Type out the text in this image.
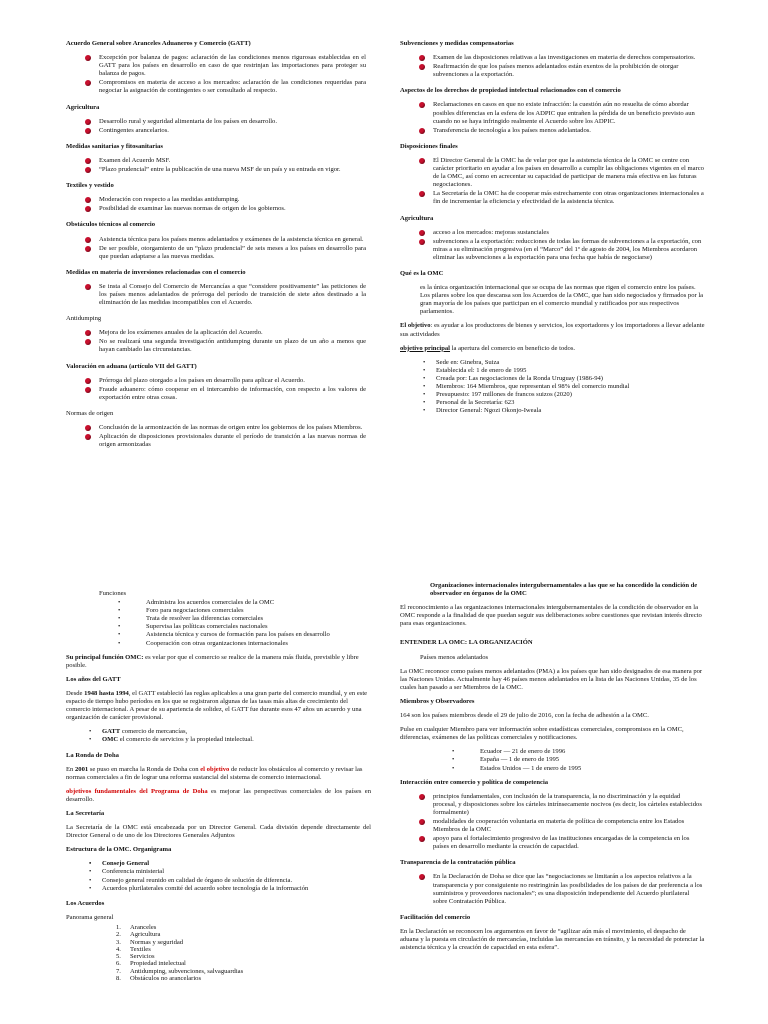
Acuerdo General sobre Aranceles Aduaneros y Comercio (GATT)
Excepción por balanza de pagos: aclaración de las condiciones menos rigurosas establecidas en el GATT para los países en desarrollo en caso de que restrinjan las importaciones para proteger su balanza de pagos.
Compromisos en materia de acceso a los mercados: aclaración de las condiciones requeridas para negociar la asignación de contingentes o ser consultado al respecto.
Agricultura
Desarrollo rural y seguridad alimentaria de los países en desarrollo.
Contingentes arancelarios.
Medidas sanitarias y fitosanitarias
Examen del Acuerdo MSF.
“Plazo prudencial” entre la publicación de una nueva MSF de un país y su entrada en vigor.
Textiles y vestido
Moderación con respecto a las medidas antidumping.
Posibilidad de examinar las nuevas normas de origen de los gobiernos.
Obstáculos técnicos al comercio
Asistencia técnica para los países menos adelantados y exámenes de la asistencia técnica en general.
De ser posible, otorgamiento de un “plazo prudencial” de seis meses a los países en desarrollo para que puedan adaptarse a las nuevas medidas.
Medidas en materia de inversiones relacionadas con el comercio
Se insta al Consejo del Comercio de Mercancías a que “considere positivamente” las peticiones de los países menos adelantados de prórroga del período de transición de siete años destinado a la eliminación de las medidas incompatibles con el Acuerdo.
Antidumping
Mejora de los exámenes anuales de la aplicación del Acuerdo.
No se realizará una segunda investigación antidumping durante un plazo de un año a menos que hayan cambiado las circunstancias.
Valoración en aduana (artículo VII del GATT)
Prórroga del plazo otorgado a los países en desarrollo para aplicar el Acuerdo.
Fraude aduanero: cómo cooperar en el intercambio de información, con respecto a los valores de exportación entre otras cosas.
Normas de origen
Conclusión de la armonización de las normas de origen entre los gobiernos de los países Miembros.
Aplicación de disposiciones provisionales durante el período de transición a las nuevas normas de origen armonizadas
Subvenciones y medidas compensatorias
Examen de las disposiciones relativas a las investigaciones en materia de derechos compensatorios.
Reafirmación de que los países menos adelantados están exentos de la prohibición de otorgar subvenciones a la exportación.
Aspectos de los derechos de propiedad intelectual relacionados con el comercio
Reclamaciones en casos en que no existe infracción: la cuestión aún no resuelta de cómo abordar posibles diferencias en la esfera de los ADPIC que entrañen la pérdida de un beneficio previsto aun cuando no se haya infringido realmente el Acuerdo sobre los ADPIC.
Transferencia de tecnología a los países menos adelantados.
Disposiciones finales
El Director General de la OMC ha de velar por que la asistencia técnica de la OMC se centre con carácter prioritario en ayudar a los países en desarrollo a cumplir las obligaciones vigentes en el marco de la OMC, así como en acrecentar su capacidad de participar de manera más efectiva en las futuras negociaciones.
La Secretaría de la OMC ha de cooperar más estrechamente con otras organizaciones internacionales a fin de incrementar la eficiencia y efectividad de la asistencia técnica.
Agricultura
acceso a los mercados: mejoras sustanciales
subvenciones a la exportación: reducciones de todas las formas de subvenciones a la exportación, con miras a su eliminación progresiva (en el “Marco” del 1º de agosto de 2004, los Miembros acordaron eliminar las subvenciones a la exportación para una fecha que había de negociarse)
Qué es la OMC
es la única organización internacional que se ocupa de las normas que rigen el comercio entre los países. Los pilares sobre los que descansa son los Acuerdos de la OMC, que han sido negociados y firmados por la gran mayoría de los países que participan en el comercio mundial y ratificados por sus respectivos parlamentos.
El objetivo: es ayudar a los productores de bienes y servicios, los exportadores y los importadores a llevar adelante sus actividades
objetivo principal la apertura del comercio en beneficio de todos.
• Sede en: Ginebra, Suiza
• Establecida el: 1 de enero de 1995
• Creada por: Las negociaciones de la Ronda Uruguay (1986-94)
• Miembros: 164 Miembros, que representan el 98% del comercio mundial
• Presupuesto: 197 millones de francos suizos (2020)
• Personal de la Secretaría: 623
• Director General: Ngozi Okonjo-Iweala
Funciones
• Administra los acuerdos comerciales de la OMC
• Foro para negociaciones comerciales
• Trata de resolver las diferencias comerciales
• Supervisa las políticas comerciales nacionales
• Asistencia técnica y cursos de formación para los países en desarrollo
• Cooperación con otras organizaciones internacionales
Su principal función OMC: es velar por que el comercio se realice de la manera más fluida, previsible y libre posible.
Los años del GATT
Desde 1948 hasta 1994, el GATT estableció las reglas aplicables a una gran parte del comercio mundial, y en este espacio de tiempo hubo períodos en los que se registraron algunas de las tasas más altas de crecimiento del comercio internacional. A pesar de su apariencia de solidez, el GATT fue durante esos 47 años un acuerdo y una organización de carácter provisional.
• GATT comercio de mercancías,
• OMC el comercio de servicios y la propiedad intelectual.
La Ronda de Doha
En 2001 se puso en marcha la Ronda de Doha con el objetivo de reducir los obstáculos al comercio y revisar las normas comerciales a fin de lograr una reforma sustancial del sistema de comercio internacional.
objetivos fundamentales del Programa de Doha es mejorar las perspectivas comerciales de los países en desarrollo.
La Secretaría
La Secretaría de la OMC está encabezada por un Director General. Cada división depende directamente del Director General o de uno de los Directores Generales Adjuntos
Estructura de la OMC. Organigrama
• Consejo General
• Conferencia ministerial
• Consejo general reunido en calidad de órgano de solución de diferencia.
• Acuerdos plurilaterales comité del acuerdo sobre tecnología de la información
Los Acuerdos
Panorama general
1. Aranceles
2. Agricultura
3. Normas y seguridad
4. Textiles
5. Servicios
6. Propiedad intelectual
7. Antidumping, subvenciones, salvaguardias
8. Obstáculos no arancelarios
Organizaciones internacionales intergubernamentales a las que se ha concedido la condición de observador en órganos de la OMC
El reconocimiento a las organizaciones internacionales intergubernamentales de la condición de observador en la OMC responde a la finalidad de que puedan seguir sus deliberaciones sobre cuestiones que revistan interés directo para esas organizaciones.
ENTENDER LA OMC: LA ORGANIZACIÓN
Países menos adelantados
La OMC reconoce como países menos adelantados (PMA) a los países que han sido designados de esa manera por las Naciones Unidas. Actualmente hay 46 países menos adelantados en la lista de las Naciones Unidas, 35 de los cuales han pasado a ser Miembros de la OMC.
Miembros y Observadores
164 son los países miembros desde el 29 de julio de 2016, con la fecha de adhesión a la OMC.
Pulse en cualquier Miembro para ver información sobre estadísticas comerciales, compromisos en la OMC, diferencias, exámenes de las políticas comerciales y notificaciones.
• Ecuador — 21 de enero de 1996
• España — 1 de enero de 1995
• Estados Unidos — 1 de enero de 1995
Interacción entre comercio y política de competencia
principios fundamentales, con inclusión de la transparencia, la no discriminación y la equidad procesal, y disposiciones sobre los cárteles intrínsecamente nocivos (es decir, los cárteles establecidos formalmente)
modalidades de cooperación voluntaria en materia de política de competencia entre los Estados Miembros de la OMC
apoyo para el fortalecimiento progresivo de las instituciones encargadas de la competencia en los países en desarrollo mediante la creación de capacidad.
Transparencia de la contratación pública
En la Declaración de Doha se dice que las “negociaciones se limitarán a los aspectos relativos a la transparencia y por consiguiente no restringirán las posibilidades de los países de dar preferencia a los suministros y proveedores nacionales”; es una disposición independiente del Acuerdo plurilateral sobre Contratación Pública.
Facilitación del comercio
En la Declaración se reconocen los argumentos en favor de “agilizar aún más el movimiento, el despacho de aduana y la puesta en circulación de mercancías, incluidas las mercancías en tránsito, y la necesidad de potenciar la asistencia técnica y la creación de capacidad en esta esfera”.
